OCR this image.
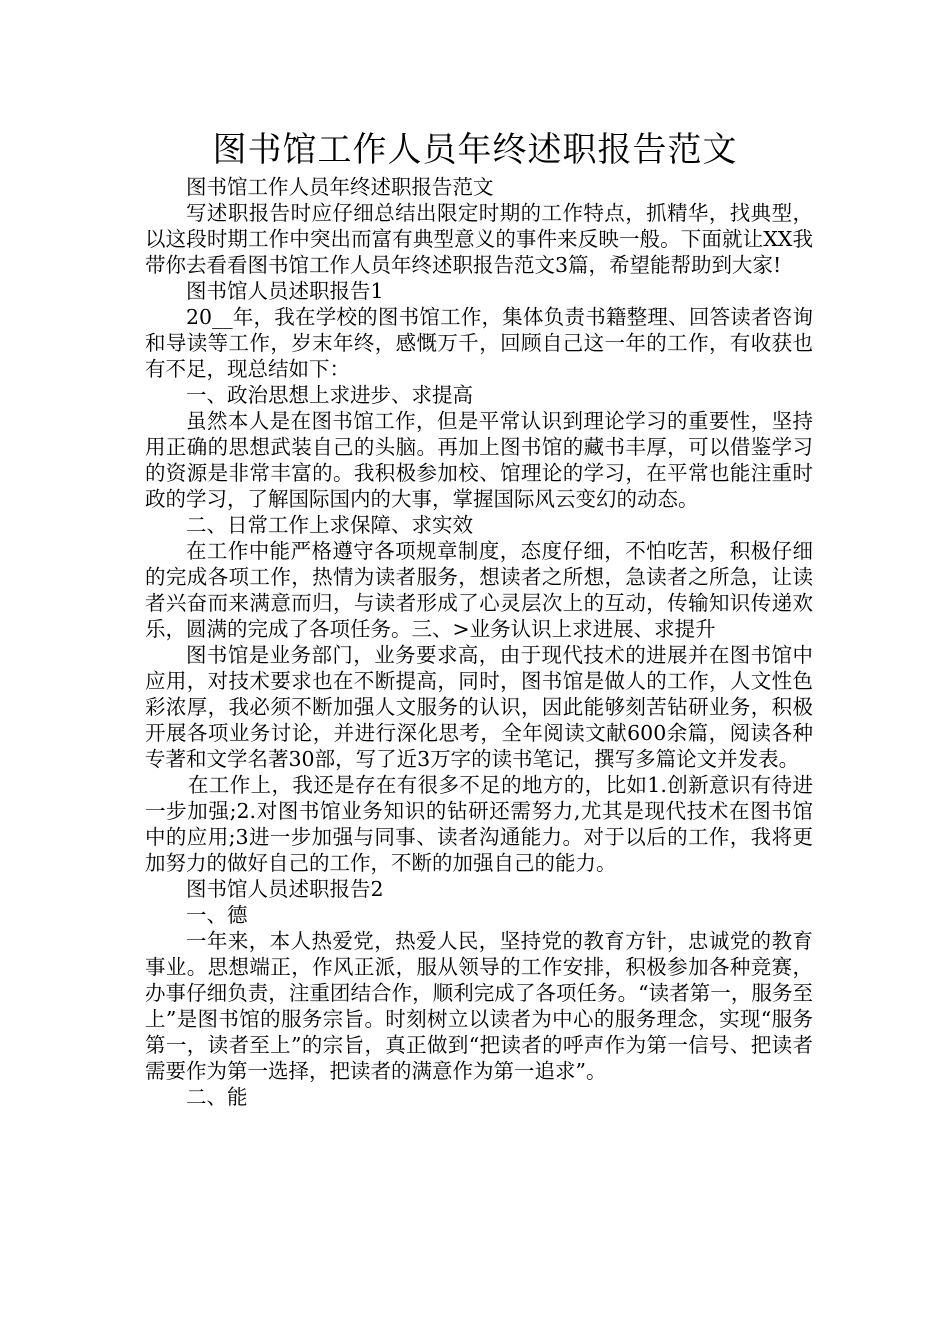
图书馆工作人员年终述职报告范文

图书馆工作人员年终述职报告范文

写述职报告时应仔细总结出限定时期的工作特点，抓精华，找典型，以这段时期工作中突出而富有典型意义的事件来反映一般。下面就让XX我带你去看看图书馆工作人员年终述职报告范文3篇，希望能帮助到大家!

图书馆人员述职报告1

20__年，我在学校的图书馆工作，集体负责书籍整理、回答读者咨询和导读等工作，岁末年终，感慨万千，回顾自己这一年的工作，有收获也有不足，现总结如下：

一、政治思想上求进步、求提高

虽然本人是在图书馆工作，但是平常认识到理论学习的重要性，坚持用正确的思想武装自己的头脑。再加上图书馆的藏书丰厚，可以借鉴学习的资源是非常丰富的。我积极参加校、馆理论的学习，在平常也能注重时政的学习，了解国际国内的大事，掌握国际风云变幻的动态。

二、日常工作上求保障、求实效

在工作中能严格遵守各项规章制度，态度仔细，不怕吃苦，积极仔细的完成各项工作，热情为读者服务，想读者之所想，急读者之所急，让读者兴奋而来满意而归，与读者形成了心灵层次上的互动，传输知识传递欢乐，圆满的完成了各项任务。三、>业务认识上求进展、求提升

图书馆是业务部门，业务要求高，由于现代技术的进展并在图书馆中应用，对技术要求也在不断提高，同时，图书馆是做人的工作，人文性色彩浓厚，我必须不断加强人文服务的认识，因此能够刻苦钻研业务，积极开展各项业务讨论，并进行深化思考，全年阅读文献600余篇，阅读各种专著和文学名著30部，写了近3万字的读书笔记，撰写多篇论文并发表。

在工作上，我还是存在有很多不足的地方的，比如1.创新意识有待进一步加强;2.对图书馆业务知识的钻研还需努力,尤其是现代技术在图书馆中的应用;3进一步加强与同事、读者沟通能力。对于以后的工作，我将更加努力的做好自己的工作，不断的加强自己的能力。

图书馆人员述职报告2

一、德

一年来，本人热爱党，热爱人民，坚持党的教育方针，忠诚党的教育事业。思想端正，作风正派，服从领导的工作安排，积极参加各种竞赛，办事仔细负责，注重团结合作，顺利完成了各项任务。“读者第一，服务至上”是图书馆的服务宗旨。时刻树立以读者为中心的服务理念，实现“服务第一，读者至上”的宗旨，真正做到“把读者的呼声作为第一信号、把读者需要作为第一选择，把读者的满意作为第一追求”。

二、能
